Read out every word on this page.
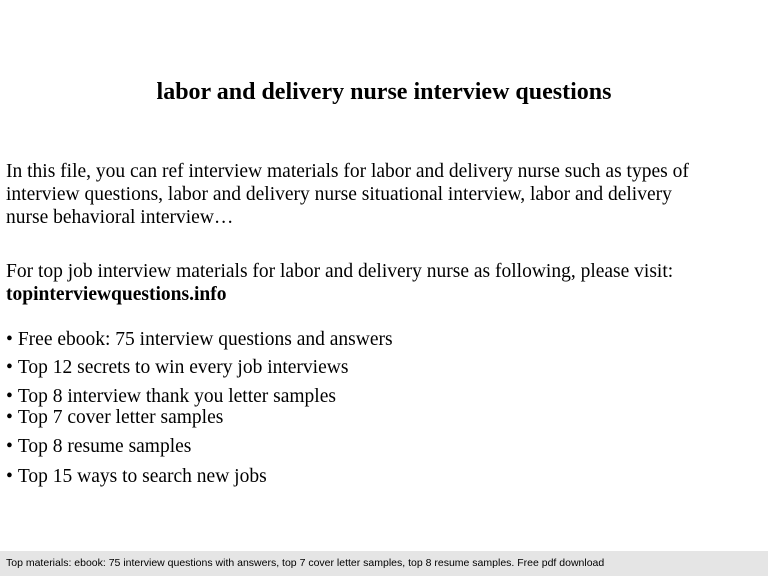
labor and delivery nurse interview questions

In this file, you can ref interview materials for labor and delivery nurse such as types of
interview questions, labor and delivery nurse situational interview, labor and delivery
nurse behavioral interview…

For top job interview materials for labor and delivery nurse as following, please visit:
topinterviewquestions.info

• Free ebook: 75 interview questions and answers
• Top 12 secrets to win every job interviews
• Top 8 interview thank you letter samples
• Top 7 cover letter samples
• Top 8 resume samples
• Top 15 ways to search new jobs
Top materials: ebook: 75 interview questions with answers, top 7 cover letter samples, top 8 resume samples. Free pdf download
